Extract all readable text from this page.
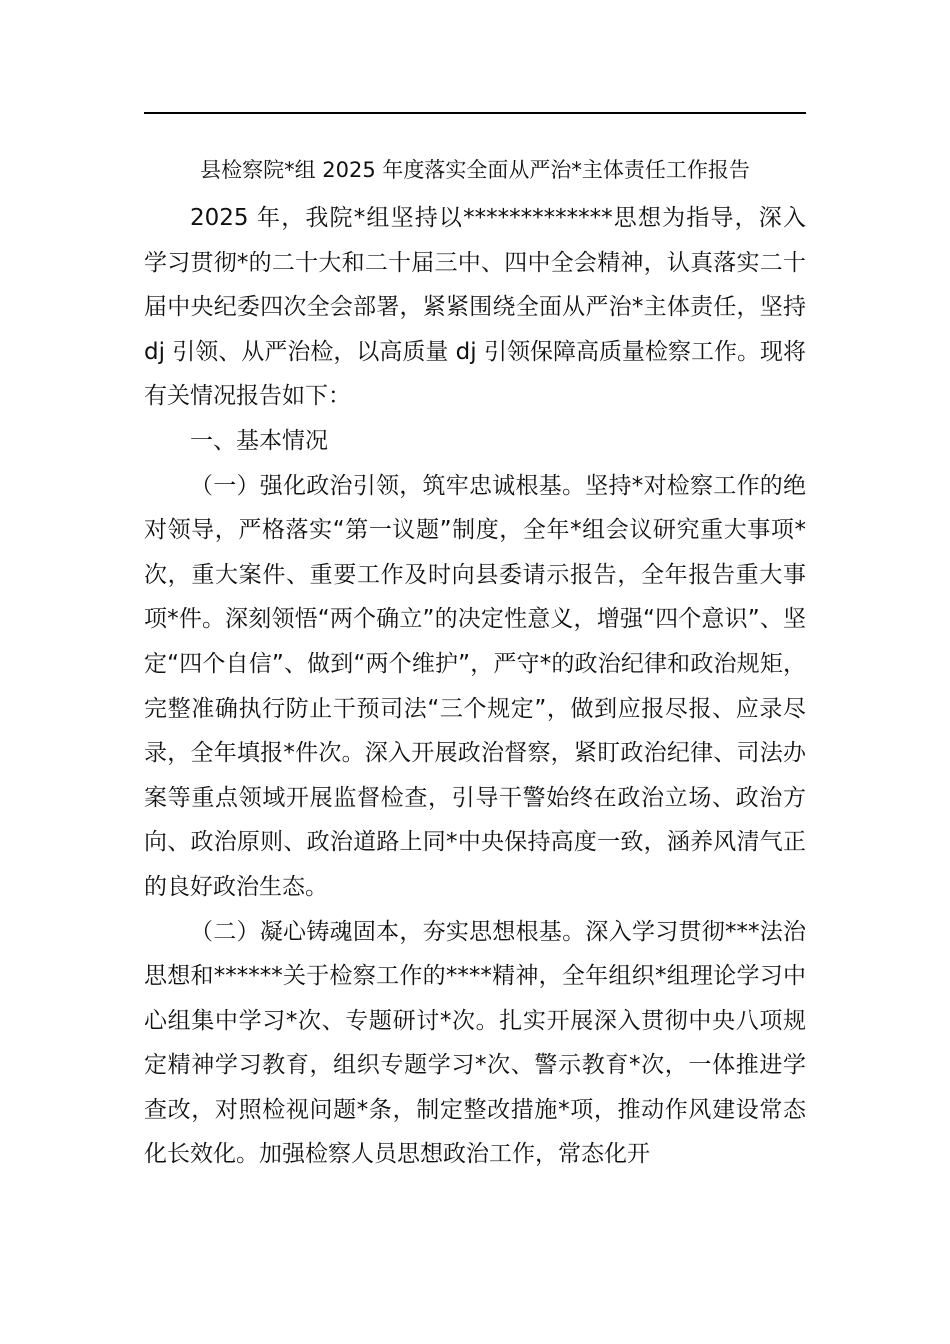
县检察院*组 2025 年度落实全面从严治*主体责任工作报告

2025 年，我院*组坚持以*************思想为指导，深入学习贯彻*的二十大和二十届三中、四中全会精神，认真落实二十届中央纪委四次全会部署，紧紧围绕全面从严治*主体责任，坚持 dj 引领、从严治检，以高质量 dj 引领保障高质量检察工作。现将有关情况报告如下：

一、基本情况

（一）强化政治引领，筑牢忠诚根基。坚持*对检察工作的绝对领导，严格落实“第一议题”制度，全年*组会议研究重大事项*次，重大案件、重要工作及时向县委请示报告，全年报告重大事项*件。深刻领悟“两个确立”的决定性意义，增强“四个意识”、坚定“四个自信”、做到“两个维护”，严守*的政治纪律和政治规矩，完整准确执行防止干预司法“三个规定”，做到应报尽报、应录尽录，全年填报*件次。深入开展政治督察，紧盯政治纪律、司法办案等重点领域开展监督检查，引导干警始终在政治立场、政治方向、政治原则、政治道路上同*中央保持高度一致，涵养风清气正的良好政治生态。

（二）凝心铸魂固本，夯实思想根基。深入学习贯彻***法治思想和******关于检察工作的****精神，全年组织*组理论学习中心组集中学习*次、专题研讨*次。扎实开展深入贯彻中央八项规定精神学习教育，组织专题学习*次、警示教育*次，一体推进学查改，对照检视问题*条，制定整改措施*项，推动作风建设常态化长效化。加强检察人员思想政治工作，常态化开
